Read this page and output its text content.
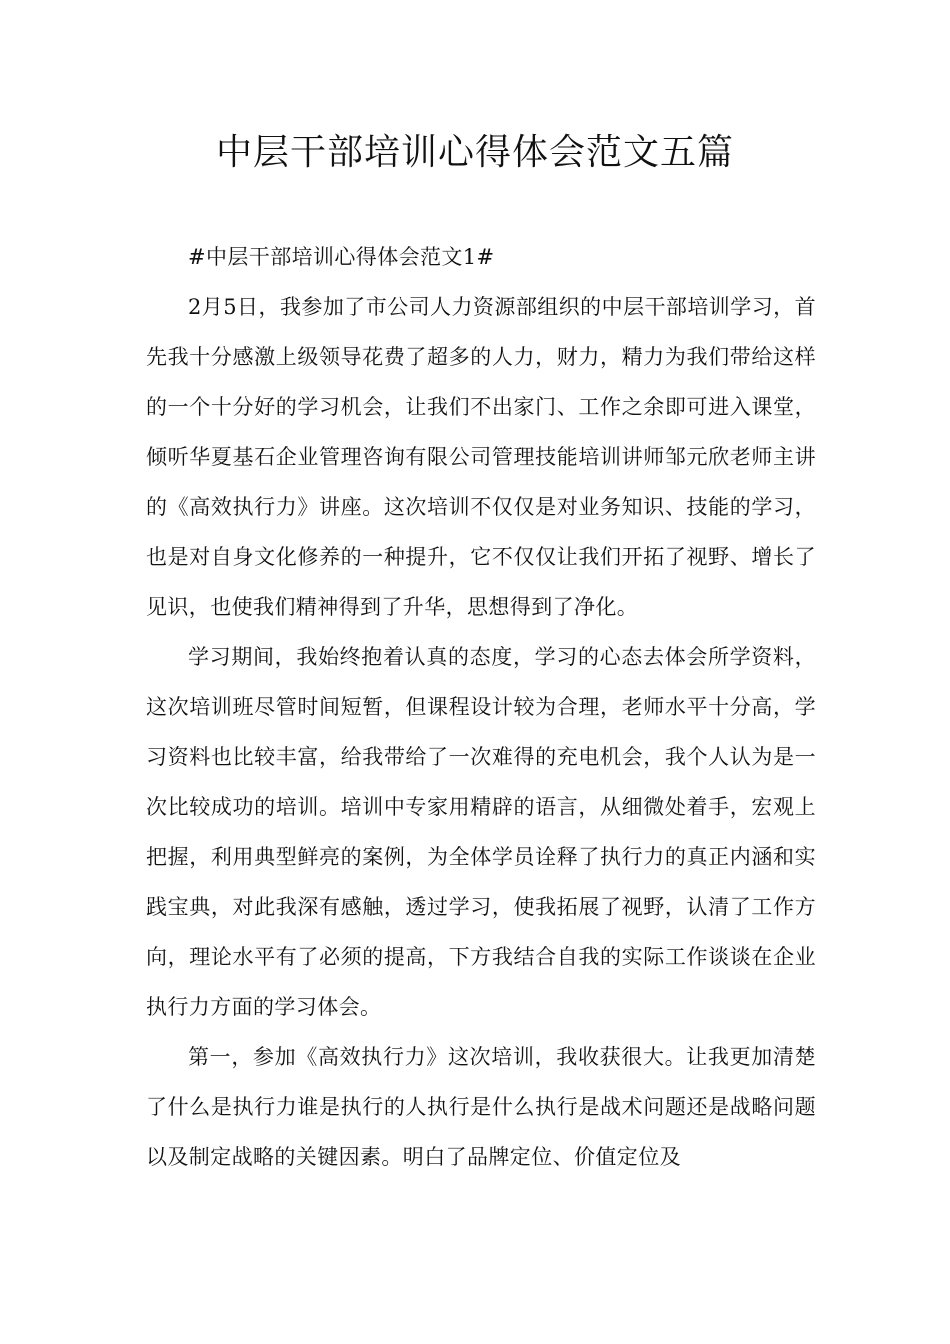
中层干部培训心得体会范文五篇

#中层干部培训心得体会范文1#

2月5日，我参加了市公司人力资源部组织的中层干部培训学习，首先我十分感激上级领导花费了超多的人力，财力，精力为我们带给这样的一个十分好的学习机会，让我们不出家门、工作之余即可进入课堂，倾听华夏基石企业管理咨询有限公司管理技能培训讲师邹元欣老师主讲的《高效执行力》讲座。这次培训不仅仅是对业务知识、技能的学习，也是对自身文化修养的一种提升，它不仅仅让我们开拓了视野、增长了见识，也使我们精神得到了升华，思想得到了净化。

学习期间，我始终抱着认真的态度，学习的心态去体会所学资料，这次培训班尽管时间短暂，但课程设计较为合理，老师水平十分高，学习资料也比较丰富，给我带给了一次难得的充电机会，我个人认为是一次比较成功的培训。培训中专家用精辟的语言，从细微处着手，宏观上把握，利用典型鲜亮的案例，为全体学员诠释了执行力的真正内涵和实践宝典，对此我深有感触，透过学习，使我拓展了视野，认清了工作方向，理论水平有了必须的提高，下方我结合自我的实际工作谈谈在企业执行力方面的学习体会。

第一，参加《高效执行力》这次培训，我收获很大。让我更加清楚了什么是执行力谁是执行的人执行是什么执行是战术问题还是战略问题以及制定战略的关键因素。明白了品牌定位、价值定位及
